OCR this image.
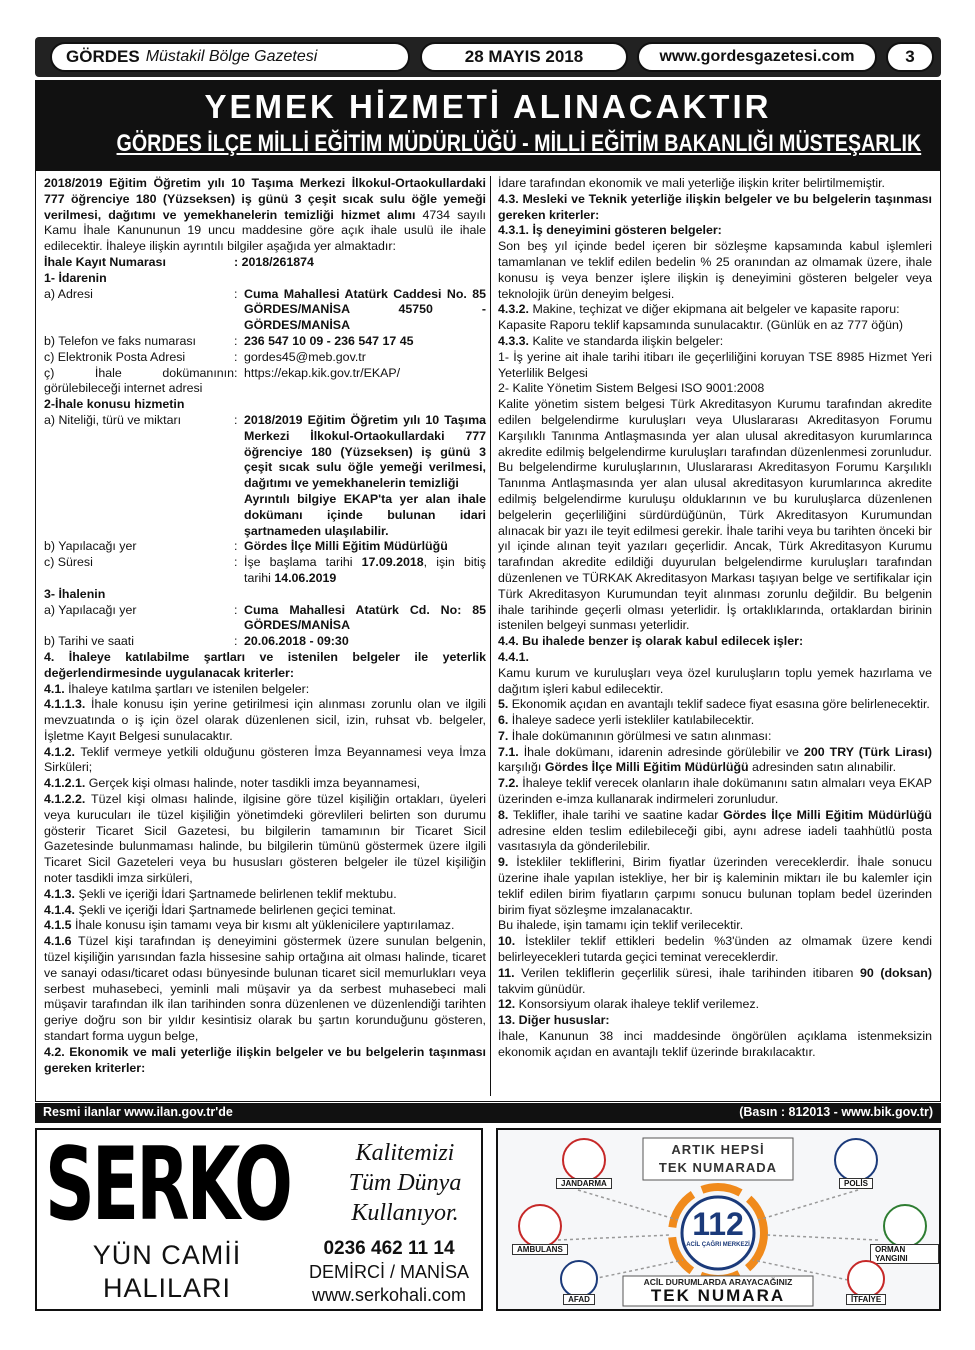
GÖRDES Müstakil Bölge Gazetesi	28 MAYIS 2018	www.gordesgazetesi.com	3
YEMEK HİZMETİ ALINACAKTIR
GÖRDES İLÇE MİLLİ EĞİTİM MÜDÜRLÜĞÜ - MİLLİ EĞİTİM BAKANLIĞI MÜSTEŞARLIK

2018/2019 Eğitim Öğretim yılı 10 Taşıma Merkezi İlkokul-Ortaokullardaki 777 öğrenciye 180 (Yüzseksen) iş günü 3 çeşit sıcak sulu öğle yemeği verilmesi, dağıtımı ve yemekhanelerin temizliği hizmet alımı 4734 sayılı Kamu İhale Kanununun 19 uncu maddesine göre açık ihale usulü ile ihale edilecektir. İhaleye ilişkin ayrıntılı bilgiler aşağıda yer almaktadır:

İhale Kayıt Numarası	: 2018/261874

1- İdarenin

a) Adresi	: Cuma Mahallesi Atatürk Caddesi No. 85 GÖRDES/MANİSA 45750 - GÖRDES/MANİSA
b) Telefon ve faks numarası	: 236 547 10 09 - 236 547 17 45
c) Elektronik Posta Adresi	: gordes45@meb.gov.tr
ç) İhale dokümanının görülebileceği internet adresi
: https://ekap.kik.gov.tr/EKAP/

2-İhale konusu hizmetin

a) Niteliği, türü ve miktarı	: 2018/2019 Eğitim Öğretim yılı 10 Taşıma Merkezi İlkokul-Ortaokullardaki 777 öğrenciye 180 (Yüzseksen) iş günü 3 çeşit sıcak sulu öğle yemeği verilmesi, dağıtımı ve yemekhanelerin temizliği
Ayrıntılı bilgiye EKAP'ta yer alan ihale dokümanı içinde bulunan idari şartnameden ulaşılabilir.
b) Yapılacağı yer	: Gördes İlçe Milli Eğitim Müdürlüğü
c) Süresi	: İşe başlama tarihi 17.09.2018, işin bitiş tarihi 14.06.2019

3- İhalenin

a) Yapılacağı yer	: Cuma Mahallesi Atatürk Cd. No: 85 GÖRDES/MANİSA
b) Tarihi ve saati	: 20.06.2018 - 09:30

4. İhaleye katılabilme şartları ve istenilen belgeler ile yeterlik değerlendirmesinde uygulanacak kriterler:

4.1. İhaleye katılma şartları ve istenilen belgeler:

4.1.1.3. İhale konusu işin yerine getirilmesi için alınması zorunlu olan ve ilgili mevzuatında o iş için özel olarak düzenlenen sicil, izin, ruhsat vb. belgeler, İşletme Kayıt Belgesi sunulacaktır.

4.1.2. Teklif vermeye yetkili olduğunu gösteren İmza Beyannamesi veya İmza Sirküleri;

4.1.2.1. Gerçek kişi olması halinde, noter tasdikli imza beyannamesi,

4.1.2.2. Tüzel kişi olması halinde, ilgisine göre tüzel kişiliğin ortakları, üyeleri veya kurucuları ile tüzel kişiliğin yönetimdeki görevlileri belirten son durumu gösterir Ticaret Sicil Gazetesi, bu bilgilerin tamamının bir Ticaret Sicil Gazetesinde bulunmaması halinde, bu bilgilerin tümünü göstermek üzere ilgili Ticaret Sicil Gazeteleri veya bu hususları gösteren belgeler ile tüzel kişiliğin noter tasdikli imza sirküleri,

4.1.3. Şekli ve içeriği İdari Şartnamede belirlenen teklif mektubu.

4.1.4. Şekli ve içeriği İdari Şartnamede belirlenen geçici teminat.

4.1.5 İhale konusu işin tamamı veya bir kısmı alt yüklenicilere yaptırılamaz.

4.1.6 Tüzel kişi tarafından iş deneyimini göstermek üzere sunulan belgenin, tüzel kişiliğin yarısından fazla hissesine sahip ortağına ait olması halinde, ticaret ve sanayi odası/ticaret odası bünyesinde bulunan ticaret sicil memurlukları veya serbest muhasebeci, yeminli mali müşavir ya da serbest muhasebeci mali müşavir tarafından ilk ilan tarihinden sonra düzenlenen ve düzenlendiği tarihten geriye doğru son bir yıldır kesintisiz olarak bu şartın korunduğunu gösteren, standart forma uygun belge,

4.2. Ekonomik ve mali yeterliğe ilişkin belgeler ve bu belgelerin taşınması gereken kriterler:

İdare tarafından ekonomik ve mali yeterliğe ilişkin kriter belirtilmemiştir.

4.3. Mesleki ve Teknik yeterliğe ilişkin belgeler ve bu belgelerin taşınması gereken kriterler:

4.3.1. İş deneyimini gösteren belgeler:

Son beş yıl içinde bedel içeren bir sözleşme kapsamında kabul işlemleri tamamlanan ve teklif edilen bedelin % 25 oranından az olmamak üzere, ihale konusu iş veya benzer işlere ilişkin iş deneyimini gösteren belgeler veya teknolojik ürün deneyim belgesi.

4.3.2. Makine, teçhizat ve diğer ekipmana ait belgeler ve kapasite raporu:

Kapasite Raporu teklif kapsamında sunulacaktır. (Günlük en az 777 öğün)

4.3.3. Kalite ve standarda ilişkin belgeler:

1- İş yerine ait ihale tarihi itibarı ile geçerliliğini koruyan TSE 8985 Hizmet Yeri Yeterlilik Belgesi

2- Kalite Yönetim Sistem Belgesi ISO 9001:2008

Kalite yönetim sistem belgesi Türk Akreditasyon Kurumu tarafından akredite edilen belgelendirme kuruluşları veya Uluslararası Akreditasyon Forumu Karşılıklı Tanınma Antlaşmasında yer alan ulusal akreditasyon kurumlarınca akredite edilmiş belgelendirme kuruluşları tarafından düzenlenmesi zorunludur. Bu belgelendirme kuruluşlarının, Uluslararası Akreditasyon Forumu Karşılıklı Tanınma Antlaşmasında yer alan ulusal akreditasyon kurumlarınca akredite edilmiş belgelendirme kuruluşu olduklarının ve bu kuruluşlarca düzenlenen belgelerin geçerliliğini sürdürdüğünün, Türk Akreditasyon Kurumundan alınacak bir yazı ile teyit edilmesi gerekir. İhale tarihi veya bu tarihten önceki bir yıl içinde alınan teyit yazıları geçerlidir. Ancak, Türk Akreditasyon Kurumu tarafından akredite edildiği duyurulan belgelendirme kuruluşları tarafından düzenlenen ve TÜRKAK Akreditasyon Markası taşıyan belge ve sertifikalar için Türk Akreditasyon Kurumundan teyit alınması zorunlu değildir. Bu belgenin ihale tarihinde geçerli olması yeterlidir. İş ortaklıklarında, ortaklardan birinin istenilen belgeyi sunması yeterlidir.

4.4. Bu ihalede benzer iş olarak kabul edilecek işler:

4.4.1.

Kamu kurum ve kuruluşları veya özel kuruluşların toplu yemek hazırlama ve dağıtım işleri kabul edilecektir.

5. Ekonomik açıdan en avantajlı teklif sadece fiyat esasına göre belirlenecektir.

6. İhaleye sadece yerli istekliler katılabilecektir.

7. İhale dokümanının görülmesi ve satın alınması:

7.1. İhale dokümanı, idarenin adresinde görülebilir ve 200 TRY (Türk Lirası) karşılığı Gördes İlçe Milli Eğitim Müdürlüğü adresinden satın alınabilir.

7.2. İhaleye teklif verecek olanların ihale dokümanını satın almaları veya EKAP üzerinden e-imza kullanarak indirmeleri zorunludur.

8. Teklifler, ihale tarihi ve saatine kadar Gördes İlçe Milli Eğitim Müdürlüğü adresine elden teslim edilebileceği gibi, aynı adrese iadeli taahhütlü posta vasıtasıyla da gönderilebilir.

9. İstekliler tekliflerini, Birim fiyatlar üzerinden vereceklerdir. İhale sonucu üzerine ihale yapılan istekliye, her bir iş kaleminin miktarı ile bu kalemler için teklif edilen birim fiyatların çarpımı sonucu bulunan toplam bedel üzerinden birim fiyat sözleşme imzalanacaktır.

Bu ihalede, işin tamamı için teklif verilecektir.

10. İstekliler teklif ettikleri bedelin %3'ünden az olmamak üzere kendi belirleyecekleri tutarda geçici teminat vereceklerdir.

11. Verilen tekliflerin geçerlilik süresi, ihale tarihinden itibaren 90 (doksan) takvim günüdür.

12. Konsorsiyum olarak ihaleye teklif verilemez.

13. Diğer hususlar:

İhale, Kanunun 38 inci maddesinde öngörülen açıklama istenmeksizin ekonomik açıdan en avantajlı teklif üzerinde bırakılacaktır.

Resmi ilanlar www.ilan.gov.tr'de	(Basın : 812013 - www.bik.gov.tr)
SERKO	Kalitemizi
Tüm Dünya
Kullanıyor.
YÜN CAMİİ
HALILARI
0236 462 11 14
DEMİRCİ / MANİSA
www.serkohali.com
ARTIK HEPSİ
TEK NUMARADA
112
ACİL ÇAĞRI MERKEZİ
JANDARMA	POLİS
AMBULANS	ORMAN YANGINI
AFAD	İTFAİYE
ACİL DURUMLARDA ARAYACAĞINIZ
TEK NUMARA
